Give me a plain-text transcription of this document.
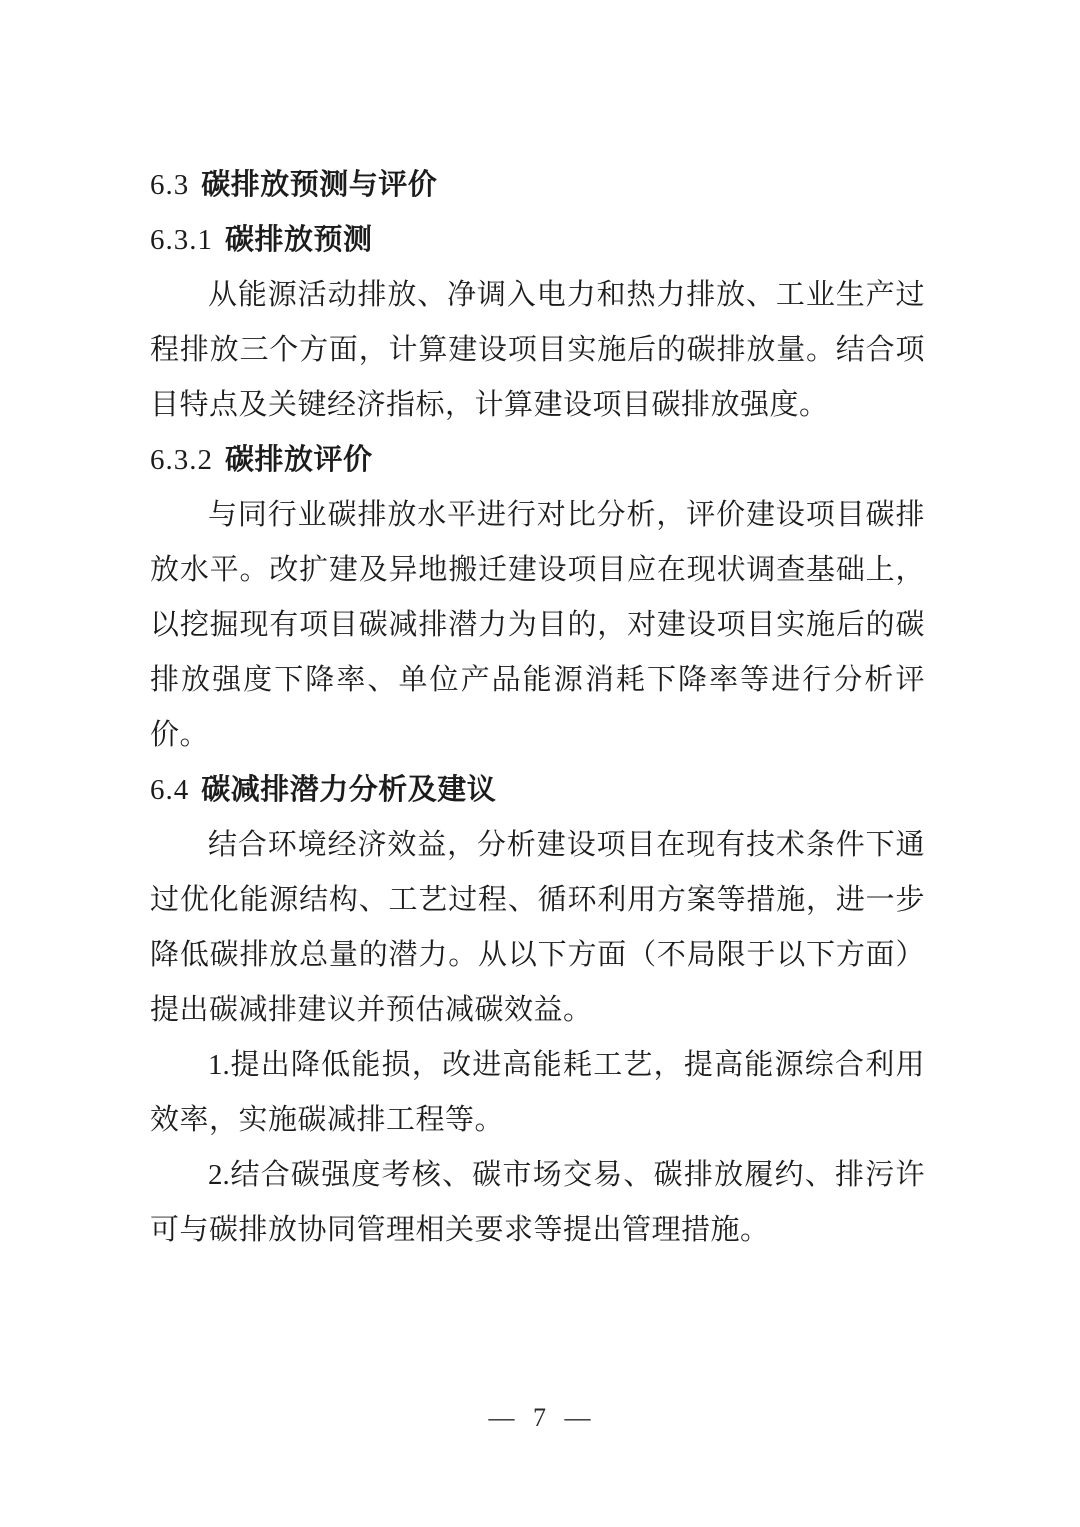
6.3 碳排放预测与评价
6.3.1 碳排放预测
从能源活动排放、净调入电力和热力排放、工业生产过程排放三个方面，计算建设项目实施后的碳排放量。结合项目特点及关键经济指标，计算建设项目碳排放强度。
6.3.2 碳排放评价
与同行业碳排放水平进行对比分析，评价建设项目碳排放水平。改扩建及异地搬迁建设项目应在现状调查基础上，以挖掘现有项目碳减排潜力为目的，对建设项目实施后的碳排放强度下降率、单位产品能源消耗下降率等进行分析评价。
6.4 碳减排潜力分析及建议
结合环境经济效益，分析建设项目在现有技术条件下通过优化能源结构、工艺过程、循环利用方案等措施，进一步降低碳排放总量的潜力。从以下方面（不局限于以下方面）提出碳减排建议并预估减碳效益。
1.提出降低能损，改进高能耗工艺，提高能源综合利用效率，实施碳减排工程等。
2.结合碳强度考核、碳市场交易、碳排放履约、排污许可与碳排放协同管理相关要求等提出管理措施。
— 7 —
